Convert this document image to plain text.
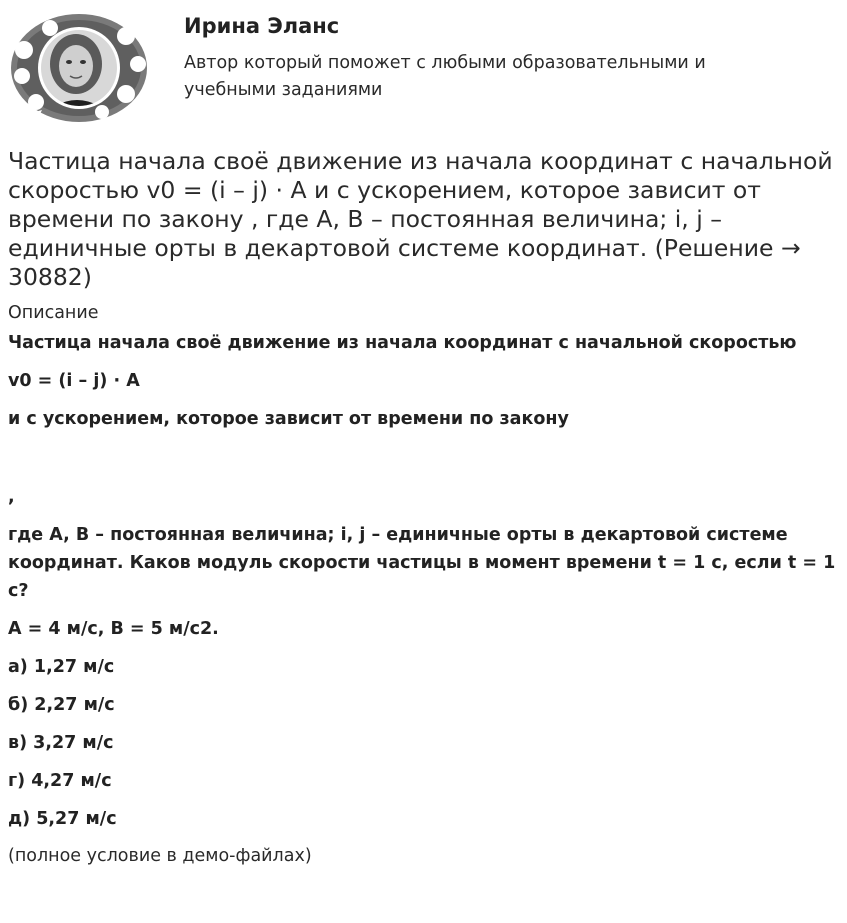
Ирина Эланс
Автор который поможет с любыми образовательными и учебными заданиями
Частица начала своё движение из начала координат с начальной скоростью v0 = (i – j) · A и с ускорением, которое зависит от времени по закону , где A, B – постоянная величина; i, j – единичные орты в декартовой системе координат. (Решение → 30882)
Описание

Частица начала своё движение из начала координат с начальной скоростью

v0 = (i – j) · A

и с ускорением, которое зависит от времени по закону

,

где A, B – постоянная величина; i, j – единичные орты в декартовой системе координат. Каков модуль скорости частицы в момент времени t = 1 с, если t = 1 с?

A = 4 м/с, B = 5 м/с2.

а) 1,27 м/с

б) 2,27 м/с

в) 3,27 м/с

г) 4,27 м/с

д) 5,27 м/с

(полное условие в демо-файлах)
